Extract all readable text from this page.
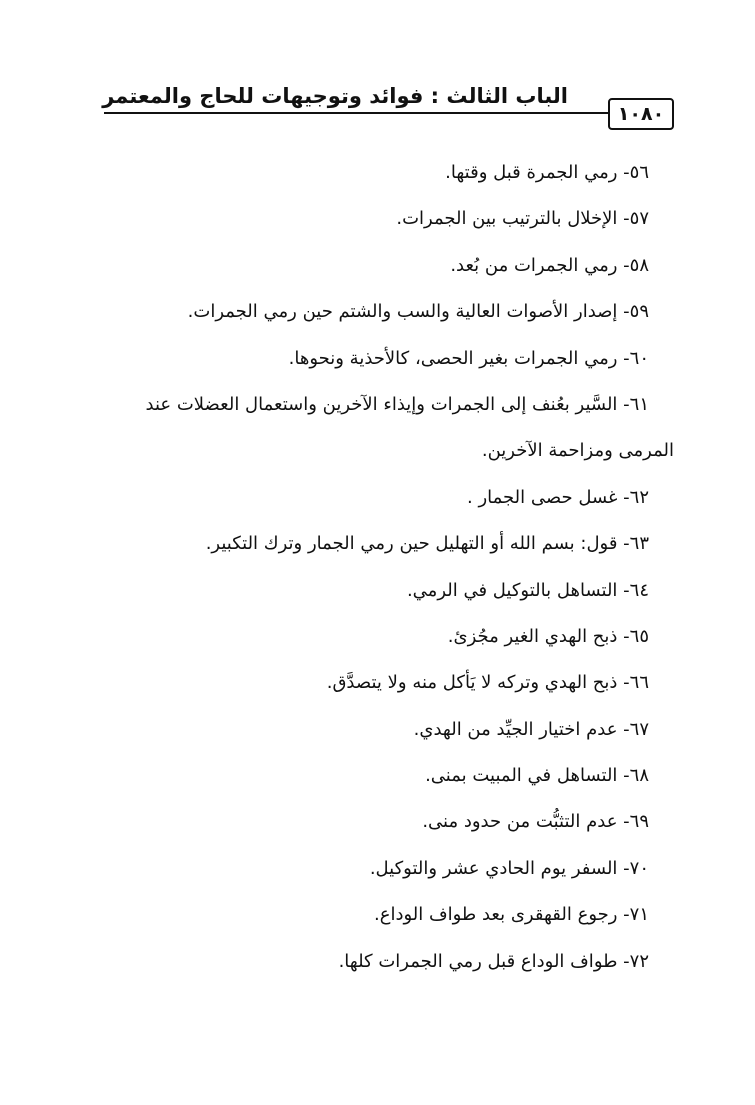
الباب الثالث : فوائد وتوجيهات للحاج والمعتمر
١٠٨٠
٥٦- رمي الجمرة قبل وقتها.
٥٧- الإخلال بالترتيب بين الجمرات.
٥٨- رمي الجمرات من بُعد.
٥٩- إصدار الأصوات العالية والسب والشتم حين رمي الجمرات.
٦٠- رمي الجمرات بغير الحصى، كالأحذية ونحوها.
٦١- السَّير بعُنف إلى الجمرات وإيذاء الآخرين واستعمال العضلات عند
المرمى ومزاحمة الآخرين.
٦٢- غسل حصى الجمار .
٦٣- قول: بسم الله أو التهليل حين رمي الجمار وترك التكبير.
٦٤- التساهل بالتوكيل في الرمي.
٦٥- ذبح الهدي الغير مجُزئ.
٦٦- ذبح الهدي وتركه لا يَأكل منه ولا يتصدَّق.
٦٧- عدم اختيار الجيِّد من الهدي.
٦٨- التساهل في المبيت بمنى.
٦٩- عدم التثبُّت من حدود منى.
٧٠- السفر يوم الحادي عشر والتوكيل.
٧١- رجوع القهقرى بعد طواف الوداع.
٧٢- طواف الوداع قبل رمي الجمرات كلها.
